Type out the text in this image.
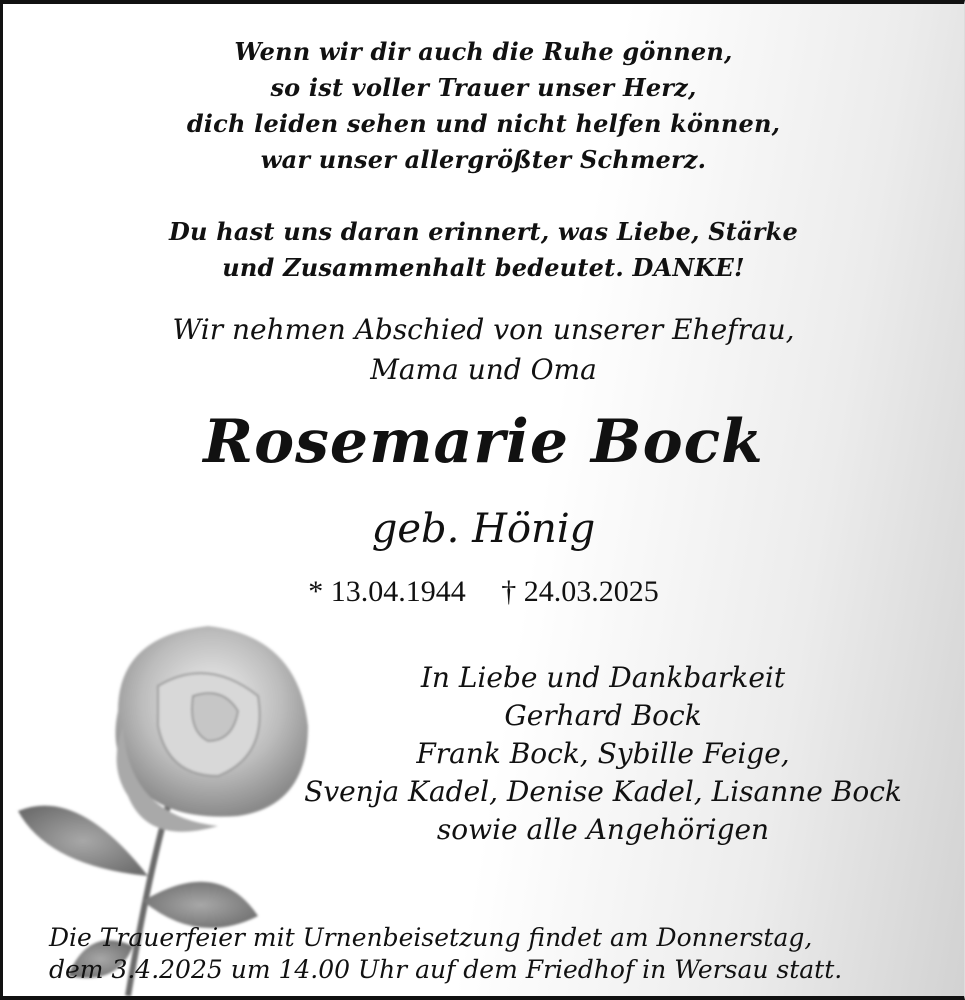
Wenn wir dir auch die Ruhe gönnen,

so ist voller Trauer unser Herz,

dich leiden sehen und nicht helfen können,

war unser allergrößter Schmerz.

Du hast uns daran erinnert, was Liebe, Stärke

und Zusammenhalt bedeutet. DANKE!

Wir nehmen Abschied von unserer Ehefrau,
Mama und Oma
Rosemarie Bock
geb. Hönig
* 13.04.1944 † 24.03.2025

In Liebe und Dankbarkeit

Gerhard Bock

Frank Bock, Sybille Feige,

Svenja Kadel, Denise Kadel, Lisanne Bock

sowie alle Angehörigen

Die Trauerfeier mit Urnenbeisetzung findet am Donnerstag,

dem 3.4.2025 um 14.00 Uhr auf dem Friedhof in Wersau statt.
